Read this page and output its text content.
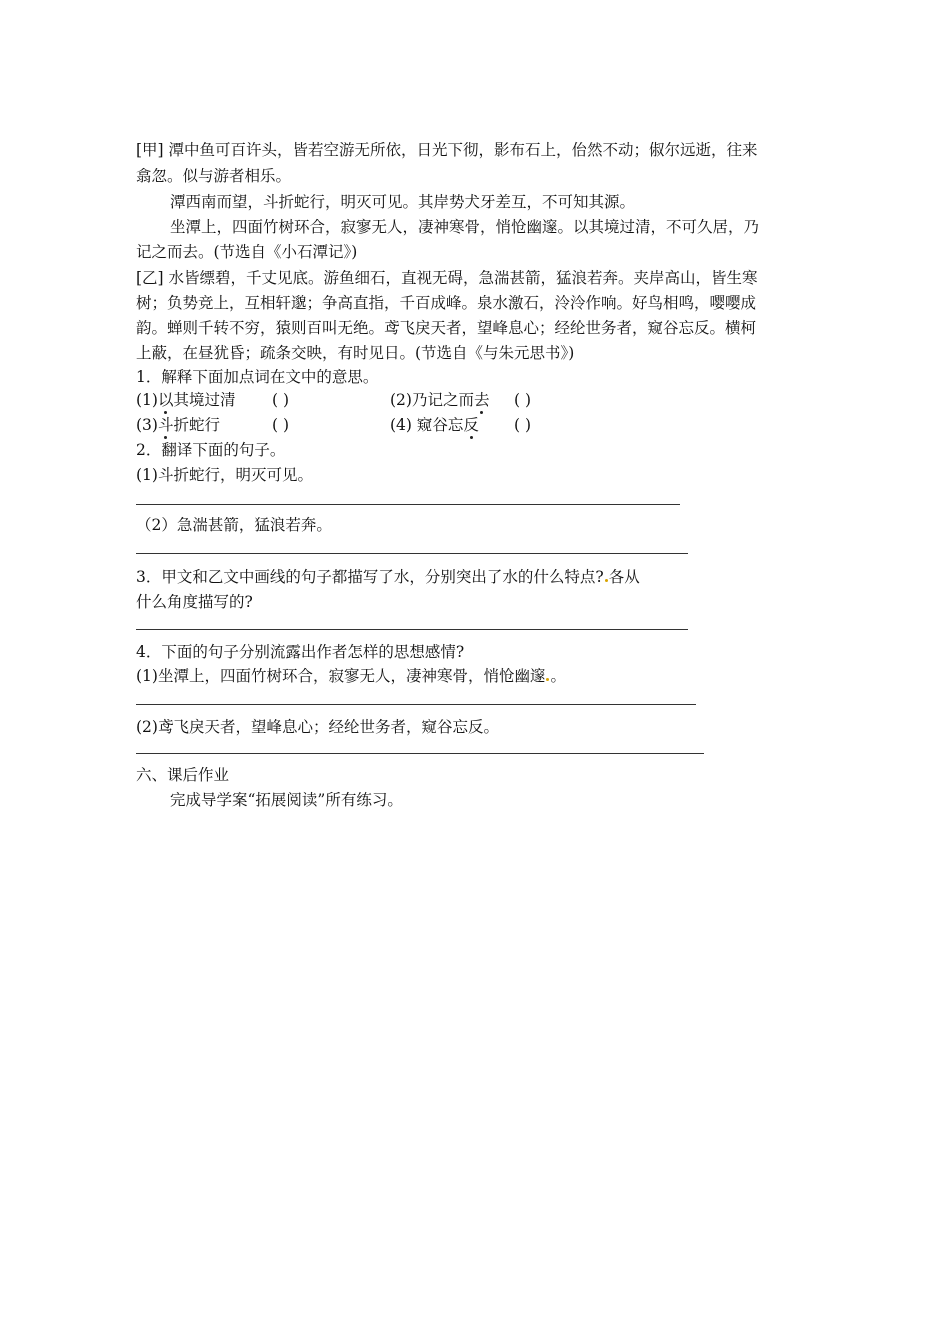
[甲] 潭中鱼可百许头，皆若空游无所依，日光下彻，影布石上，佁然不动；俶尔远逝，往来
翕忽。似与游者相乐。
潭西南而望，斗折蛇行，明灭可见。其岸势犬牙差互，不可知其源。
坐潭上，四面竹树环合，寂寥无人，凄神寒骨，悄怆幽邃。以其境过清，不可久居，乃
记之而去。(节选自《小石潭记》)
[乙] 水皆缥碧，千丈见底。游鱼细石，直视无碍，急湍甚箭，猛浪若奔。夹岸高山，皆生寒
树；负势竞上，互相轩邈；争高直指，千百成峰。泉水激石，泠泠作响。好鸟相鸣，嘤嘤成
韵。蝉则千转不穷，猿则百叫无绝。鸢飞戾天者，望峰息心；经纶世务者，窥谷忘反。横柯
上蔽，在昼犹昏；疏条交映，有时见日。(节选自《与朱元思书》)
1．解释下面加点词在文中的意思。
(1)以其境过清 ( )	(2)乃记之而去 ( )
(3)斗折蛇行	( )	(4) 窥谷忘反 ( )
2．翻译下面的句子。
(1)斗折蛇行，明灭可见。
（2）急湍甚箭，猛浪若奔。
3．甲文和乙文中画线的句子都描写了水，分别突出了水的什么特点? 各从
什么角度描写的?
4．下面的句子分别流露出作者怎样的思想感情?
(1)坐潭上，四面竹树环合，寂寥无人，凄神寒骨，悄怆幽邃 。
(2)鸢飞戾天者，望峰息心；经纶世务者，窥谷忘反。
六、课后作业
完成导学案“拓展阅读”所有练习。
